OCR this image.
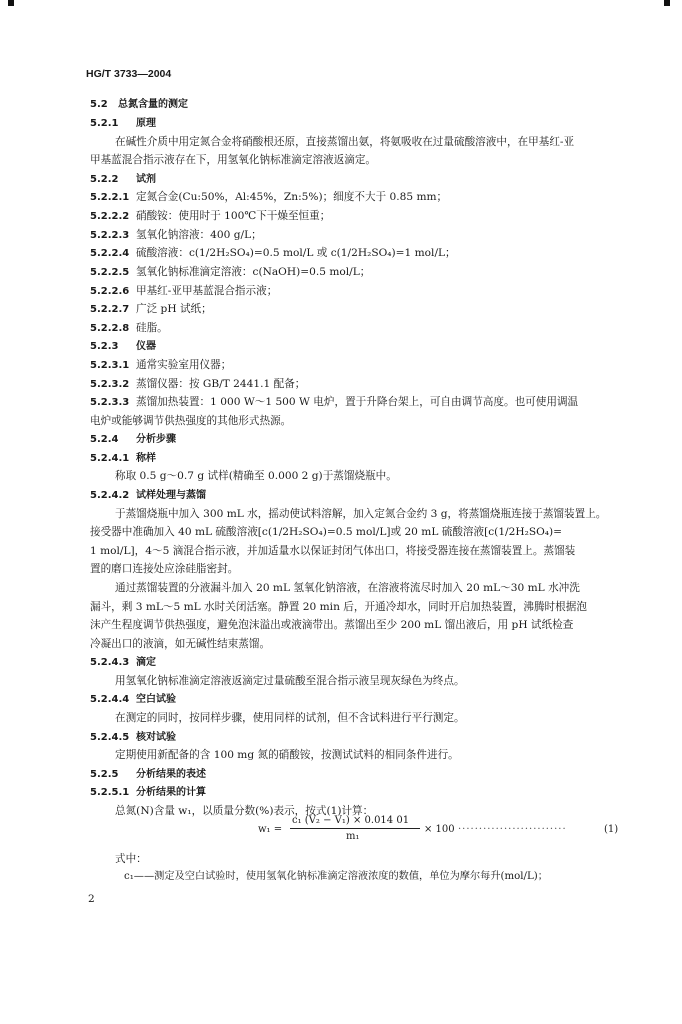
HG/T 3733—2004
5.2 总氮含量的测定
5.2.1 原理
在碱性介质中用定氮合金将硝酸根还原，直接蒸馏出氨，将氨吸收在过量硫酸溶液中，在甲基红-亚
甲基蓝混合指示液存在下，用氢氧化钠标准滴定溶液返滴定。
5.2.2 试剂
5.2.2.1 定氮合金(Cu:50%，Al:45%，Zn:5%)；细度不大于 0.85 mm；
5.2.2.2 硝酸铵：使用时于 100℃下干燥至恒重；
5.2.2.3 氢氧化钠溶液：400 g/L；
5.2.2.4 硫酸溶液：c(1/2H₂SO₄)=0.5 mol/L 或 c(1/2H₂SO₄)=1 mol/L；
5.2.2.5 氢氧化钠标准滴定溶液：c(NaOH)=0.5 mol/L；
5.2.2.6 甲基红-亚甲基蓝混合指示液；
5.2.2.7 广泛 pH 试纸；
5.2.2.8 硅脂。
5.2.3 仪器
5.2.3.1 通常实验室用仪器；
5.2.3.2 蒸馏仪器：按 GB/T 2441.1 配备；
5.2.3.3 蒸馏加热装置：1 000 W～1 500 W 电炉，置于升降台架上，可自由调节高度。也可使用调温
电炉或能够调节供热强度的其他形式热源。
5.2.4 分析步骤
5.2.4.1 称样
称取 0.5 g～0.7 g 试样(精确至 0.000 2 g)于蒸馏烧瓶中。
5.2.4.2 试样处理与蒸馏
于蒸馏烧瓶中加入 300 mL 水，摇动使试料溶解，加入定氮合金约 3 g，将蒸馏烧瓶连接于蒸馏装置上。
接受器中准确加入 40 mL 硫酸溶液[c(1/2H₂SO₄)=0.5 mol/L]或 20 mL 硫酸溶液[c(1/2H₂SO₄)=
1 mol/L]，4～5 滴混合指示液，并加适量水以保证封闭气体出口，将接受器连接在蒸馏装置上。蒸馏装
置的磨口连接处应涂硅脂密封。
通过蒸馏装置的分液漏斗加入 20 mL 氢氧化钠溶液，在溶液将流尽时加入 20 mL～30 mL 水冲洗
漏斗，剩 3 mL～5 mL 水时关闭活塞。静置 20 min 后，开通冷却水，同时开启加热装置，沸腾时根据泡
沫产生程度调节供热强度，避免泡沫溢出或液滴带出。蒸馏出至少 200 mL 馏出液后，用 pH 试纸检查
冷凝出口的液滴，如无碱性结束蒸馏。
5.2.4.3 滴定
用氢氧化钠标准滴定溶液返滴定过量硫酸至混合指示液呈现灰绿色为终点。
5.2.4.4 空白试验
在测定的同时，按同样步骤，使用同样的试剂，但不含试料进行平行测定。
5.2.4.5 核对试验
定期使用新配备的含 100 mg 氮的硝酸铵，按测试试料的相同条件进行。
5.2.5 分析结果的表述
5.2.5.1 分析结果的计算
总氮(N)含量 w₁，以质量分数(%)表示，按式(1)计算：
w₁ =
c₁ (V₂ − V₁) × 0.014 01
m₁
× 100 ··························	(1)
式中：
c₁——测定及空白试验时，使用氢氧化钠标准滴定溶液浓度的数值，单位为摩尔每升(mol/L)；
2
